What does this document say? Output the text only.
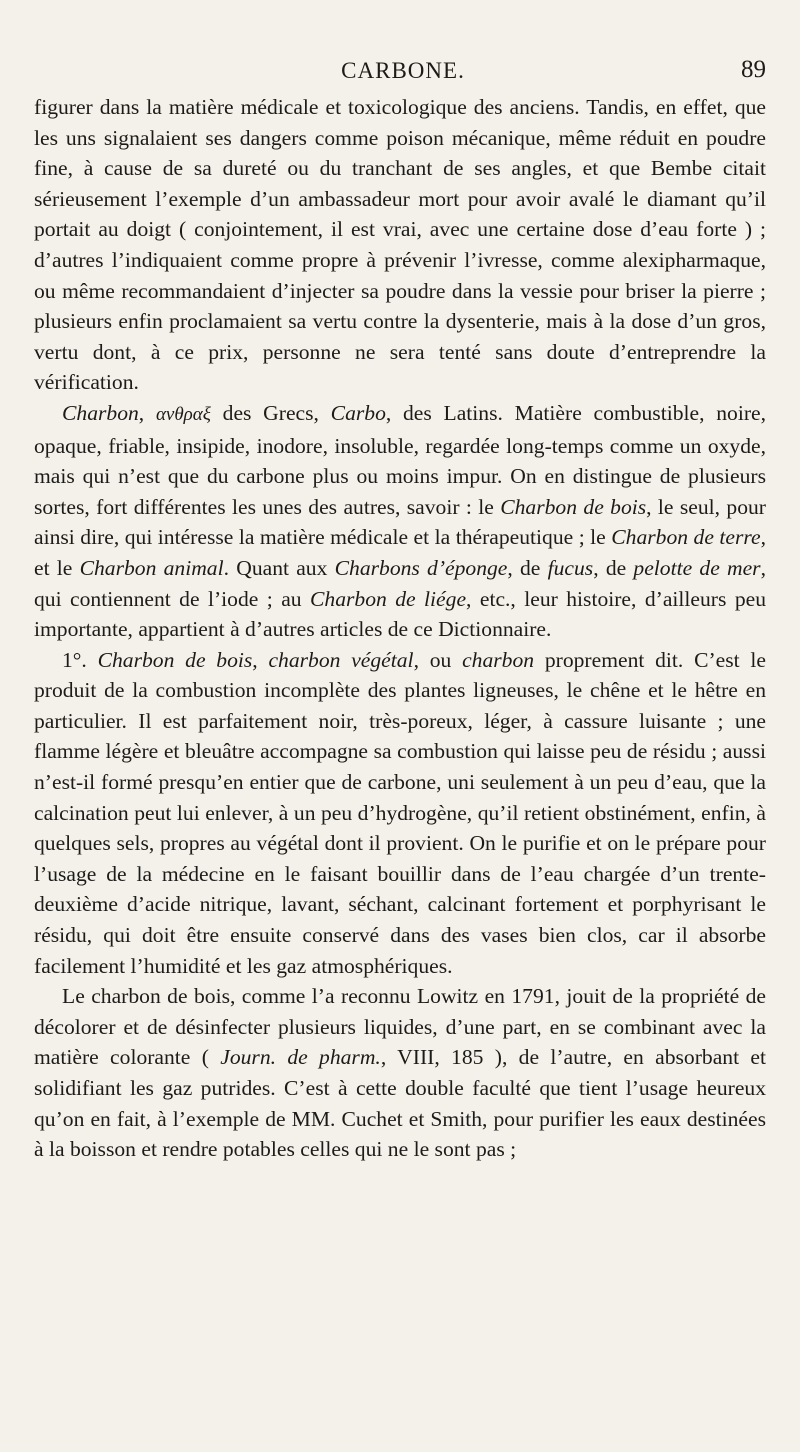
CARBONE.	89

figurer dans la matière médicale et toxicologique des anciens. Tandis, en effet, que les uns signalaient ses dangers comme poison mécanique, même réduit en poudre fine, à cause de sa dureté ou du tranchant de ses angles, et que Bembe citait sérieusement l’exemple d’un ambassadeur mort pour avoir avalé le diamant qu’il portait au doigt ( conjointement, il est vrai, avec une certaine dose d’eau forte ) ; d’autres l’indiquaient comme propre à prévenir l’ivresse, comme alexipharmaque, ou même recommandaient d’injecter sa poudre dans la vessie pour briser la pierre ; plusieurs enfin proclamaient sa vertu contre la dysenterie, mais à la dose d’un gros, vertu dont, à ce prix, personne ne sera tenté sans doute d’entreprendre la vérification.

Charbon, ανθραξ des Grecs, Carbo, des Latins. Matière combustible, noire, opaque, friable, insipide, inodore, insoluble, regardée long-temps comme un oxyde, mais qui n’est que du carbone plus ou moins impur. On en distingue de plusieurs sortes, fort différentes les unes des autres, savoir : le Charbon de bois, le seul, pour ainsi dire, qui intéresse la matière médicale et la thérapeutique ; le Charbon de terre, et le Charbon animal. Quant aux Charbons d’éponge, de fucus, de pelotte de mer, qui contiennent de l’iode ; au Charbon de liége, etc., leur histoire, d’ailleurs peu importante, appartient à d’autres articles de ce Dictionnaire.

1°. Charbon de bois, charbon végétal, ou charbon proprement dit. C’est le produit de la combustion incomplète des plantes ligneuses, le chêne et le hêtre en particulier. Il est parfaitement noir, très-poreux, léger, à cassure luisante ; une flamme légère et bleuâtre accompagne sa combustion qui laisse peu de résidu ; aussi n’est-il formé presqu’en entier que de carbone, uni seulement à un peu d’eau, que la calcination peut lui enlever, à un peu d’hydrogène, qu’il retient obstinément, enfin, à quelques sels, propres au végétal dont il provient. On le purifie et on le prépare pour l’usage de la médecine en le faisant bouillir dans de l’eau chargée d’un trente-deuxième d’acide nitrique, lavant, séchant, calcinant fortement et porphyrisant le résidu, qui doit être ensuite conservé dans des vases bien clos, car il absorbe facilement l’humidité et les gaz atmosphériques.

Le charbon de bois, comme l’a reconnu Lowitz en 1791, jouit de la propriété de décolorer et de désinfecter plusieurs liquides, d’une part, en se combinant avec la matière colorante ( Journ. de pharm., VIII, 185 ), de l’autre, en absorbant et solidifiant les gaz putrides. C’est à cette double faculté que tient l’usage heureux qu’on en fait, à l’exemple de MM. Cuchet et Smith, pour purifier les eaux destinées à la boisson et rendre potables celles qui ne le sont pas ;
